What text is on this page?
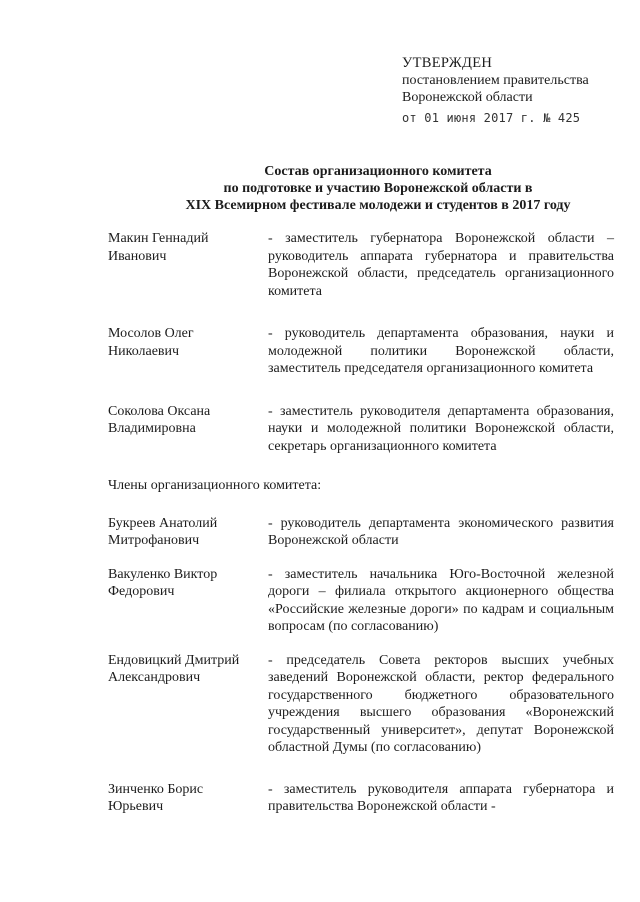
УТВЕРЖДЕН
постановлением правительства
Воронежской области
от 01 июня 2017 г. № 425
Состав организационного комитета
по подготовке и участию Воронежской области в
XIX Всемирном фестивале молодежи и студентов в 2017 году
Макин Геннадий
Иванович
- заместитель губернатора Воронежской области – руководитель аппарата губернатора и правительства Воронежской области, председатель организационного комитета
Мосолов Олег
Николаевич
- руководитель департамента образования, науки и молодежной политики Воронежской области, заместитель председателя организационного комитета
Соколова Оксана
Владимировна
- заместитель руководителя департамента образования, науки и молодежной политики Воронежской области, секретарь организационного комитета
Члены организационного комитета:
Букреев Анатолий
Митрофанович
- руководитель департамента экономического развития Воронежской области
Вакуленко Виктор
Федорович
- заместитель начальника Юго-Восточной железной дороги – филиала открытого акционерного общества «Российские железные дороги» по кадрам и социальным вопросам (по согласованию)
Ендовицкий Дмитрий
Александрович
- председатель Совета ректоров высших учебных заведений Воронежской области, ректор федерального государственного бюджетного образовательного учреждения высшего образования «Воронежский государственный университет», депутат Воронежской областной Думы (по согласованию)
Зинченко Борис
Юрьевич
- заместитель руководителя аппарата губернатора и правительства Воронежской области -
